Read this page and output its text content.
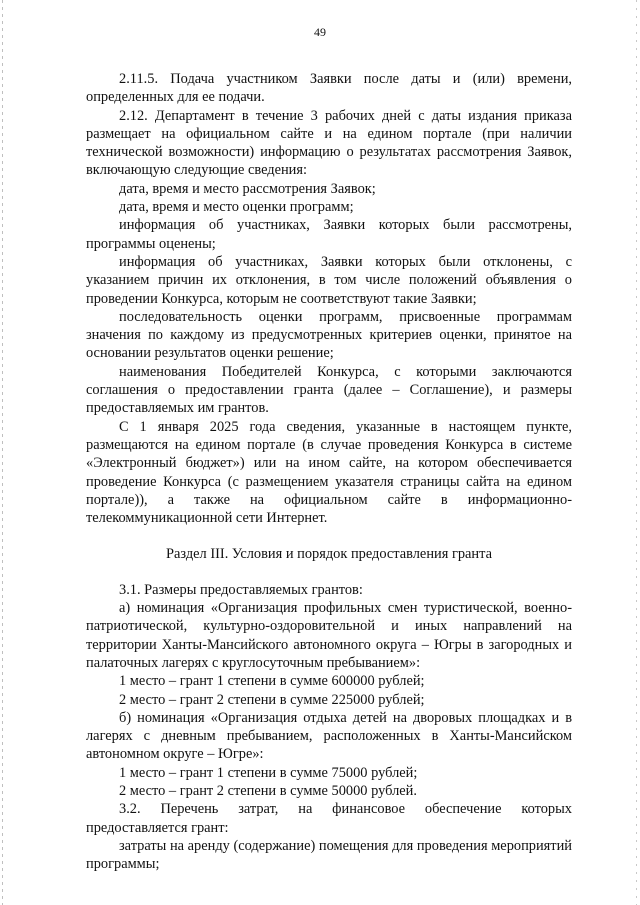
49

2.11.5. Подача участником Заявки после даты и (или) времени, определенных для ее подачи.

2.12. Департамент в течение 3 рабочих дней с даты издания приказа размещает на официальном сайте и на едином портале (при наличии технической возможности) информацию о результатах рассмотрения Заявок, включающую следующие сведения:

дата, время и место рассмотрения Заявок;

дата, время и место оценки программ;

информация об участниках, Заявки которых были рассмотрены, программы оценены;

информация об участниках, Заявки которых были отклонены, с указанием причин их отклонения, в том числе положений объявления о проведении Конкурса, которым не соответствуют такие Заявки;

последовательность оценки программ, присвоенные программам значения по каждому из предусмотренных критериев оценки, принятое на основании результатов оценки решение;

наименования Победителей Конкурса, с которыми заключаются соглашения о предоставлении гранта (далее – Соглашение), и размеры предоставляемых им грантов.

С 1 января 2025 года сведения, указанные в настоящем пункте, размещаются на едином портале (в случае проведения Конкурса в системе «Электронный бюджет») или на ином сайте, на котором обеспечивается проведение Конкурса (с размещением указателя страницы сайта на едином портале)), а также на официальном сайте в информационно-телекоммуникационной сети Интернет.

Раздел III. Условия и порядок предоставления гранта

3.1. Размеры предоставляемых грантов:

а) номинация «Организация профильных смен туристической, военно-патриотической, культурно-оздоровительной и иных направлений на территории Ханты-Мансийского автономного округа – Югры в загородных и палаточных лагерях с круглосуточным пребыванием»:

1 место – грант 1 степени в сумме 600000 рублей;

2 место – грант 2 степени в сумме 225000 рублей;

б) номинация «Организация отдыха детей на дворовых площадках и в лагерях с дневным пребыванием, расположенных в Ханты-Мансийском автономном округе – Югре»:

1 место – грант 1 степени в сумме 75000 рублей;

2 место – грант 2 степени в сумме 50000 рублей.

3.2. Перечень затрат, на финансовое обеспечение которых предоставляется грант:

затраты на аренду (содержание) помещения для проведения мероприятий программы;
